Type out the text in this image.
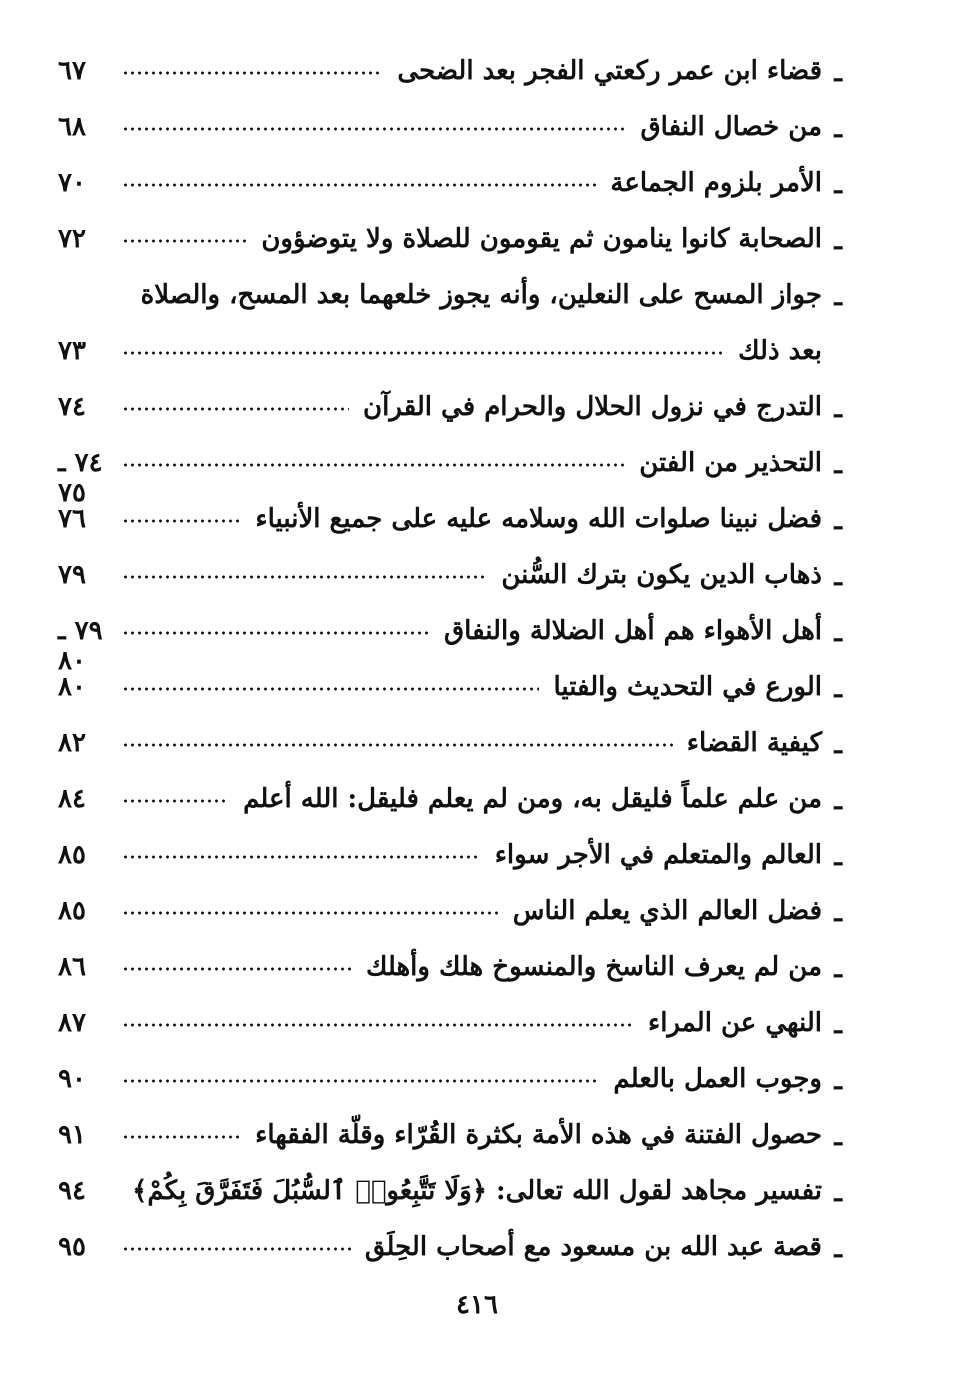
ـ
قضاء ابن عمر ركعتي الفجر بعد الضحى
٦٧
ـ
من خصال النفاق
٦٨
ـ
الأمر بلزوم الجماعة
٧٠
ـ
الصحابة كانوا ينامون ثم يقومون للصلاة ولا يتوضؤون
٧٢
ـ
جواز المسح على النعلين، وأنه يجوز خلعهما بعد المسح، والصلاة
بعد ذلك
٧٣
ـ
التدرج في نزول الحلال والحرام في القرآن
٧٤
ـ
التحذير من الفتن
٧٤ ـ ٧٥
ـ
فضل نبينا صلوات الله وسلامه عليه على جميع الأنبياء
٧٦
ـ
ذهاب الدين يكون بترك السُّنن
٧٩
ـ
أهل الأهواء هم أهل الضلالة والنفاق
٧٩ ـ ٨٠
ـ
الورع في التحديث والفتيا
٨٠
ـ
كيفية القضاء
٨٢
ـ
من علم علماً فليقل به، ومن لم يعلم فليقل: الله أعلم
٨٤
ـ
العالم والمتعلم في الأجر سواء
٨٥
ـ
فضل العالم الذي يعلم الناس
٨٥
ـ
من لم يعرف الناسخ والمنسوخ هلك وأهلك
٨٦
ـ
النهي عن المراء
٨٧
ـ
وجوب العمل بالعلم
٩٠
ـ
حصول الفتنة في هذه الأمة بكثرة القُرّاء وقلّة الفقهاء
٩١
ـ
تفسير مجاهد لقول الله تعالى: ﴿وَلَا تَتَّبِعُوا۟ ٱلسُّبُلَ فَتَفَرَّقَ بِكُمْ﴾
٩٤
ـ
قصة عبد الله بن مسعود مع أصحاب الحِلَق
٩٥
٤١٦
